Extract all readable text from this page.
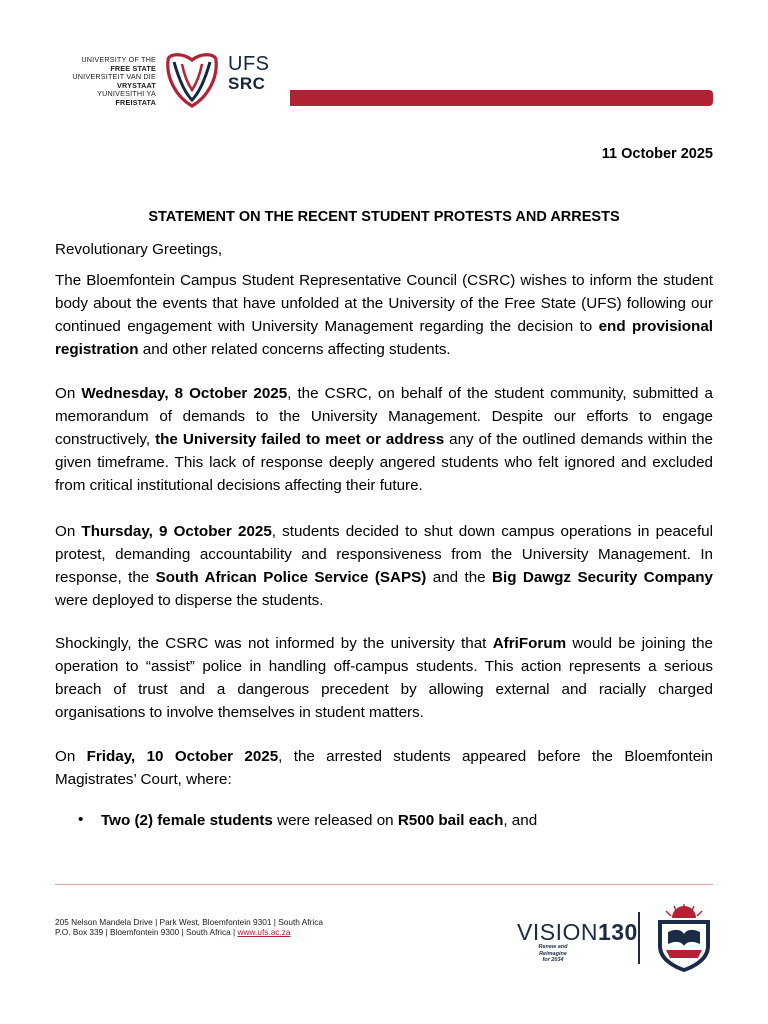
UNIVERSITY OF THE
FREE STATE
UNIVERSITEIT VAN DIE
VRYSTAAT
YUNIVESITHI YA
FREISTATA
UFS
SRC
11 October 2025
STATEMENT ON THE RECENT STUDENT PROTESTS AND ARRESTS
Revolutionary Greetings,
The Bloemfontein Campus Student Representative Council (CSRC) wishes to inform the student body about the events that have unfolded at the University of the Free State (UFS) following our continued engagement with University Management regarding the decision to end provisional registration and other related concerns affecting students.
On Wednesday, 8 October 2025, the CSRC, on behalf of the student community, submitted a memorandum of demands to the University Management. Despite our efforts to engage constructively, the University failed to meet or address any of the outlined demands within the given timeframe. This lack of response deeply angered students who felt ignored and excluded from critical institutional decisions affecting their future.
On Thursday, 9 October 2025, students decided to shut down campus operations in peaceful protest, demanding accountability and responsiveness from the University Management. In response, the South African Police Service (SAPS) and the Big Dawgz Security Company were deployed to disperse the students.
Shockingly, the CSRC was not informed by the university that AfriForum would be joining the operation to “assist” police in handling off-campus students. This action represents a serious breach of trust and a dangerous precedent by allowing external and racially charged organisations to involve themselves in student matters.
On Friday, 10 October 2025, the arrested students appeared before the Bloemfontein Magistrates’ Court, where:
• Two (2) female students were released on R500 bail each, and
205 Nelson Mandela Drive | Park West, Bloemfontein 9301 | South Africa
P.O. Box 339 | Bloemfontein 9300 | South Africa | www.ufs.ac.za	VISION130
Renew and Reimagine
for 2034
